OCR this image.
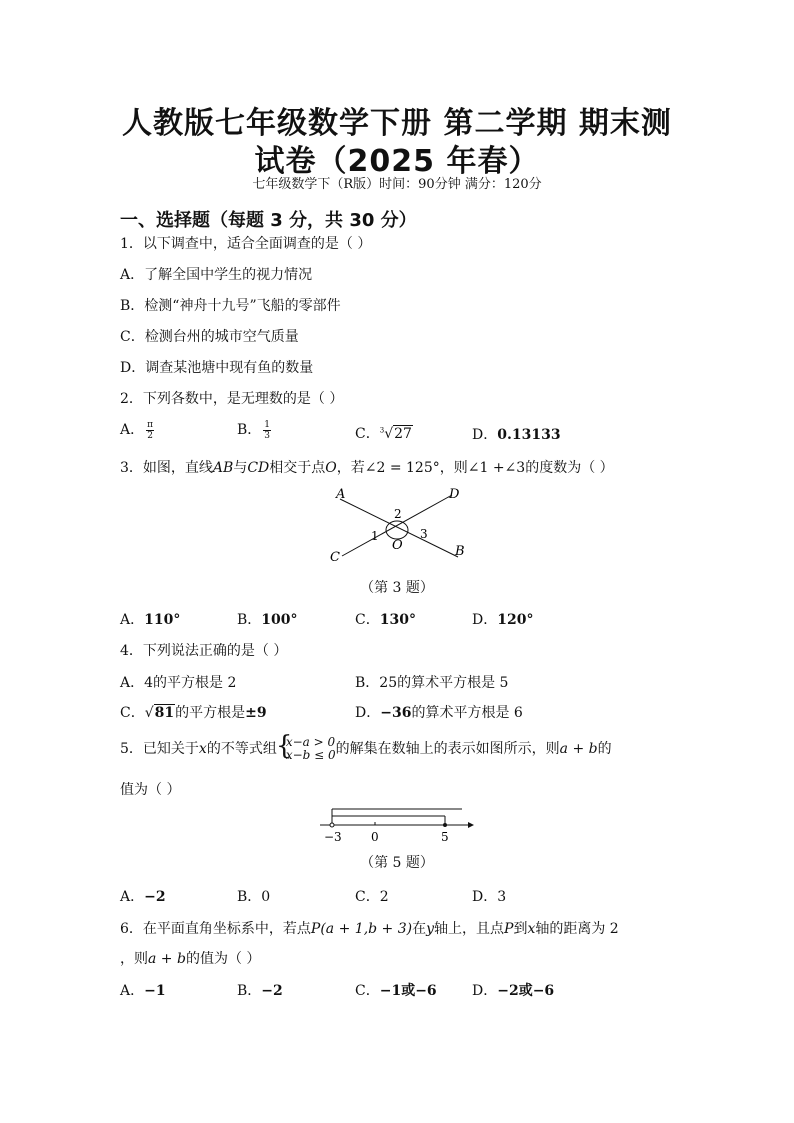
人教版七年级数学下册 第二学期 期末测
试卷（2025 年春）
七年级数学下（R版）时间：90分钟 满分：120分
一、选择题（每题 3 分，共 30 分）
1．以下调查中，适合全面调查的是（ ）
A．了解全国中学生的视力情况
B．检测“神舟十九号”飞船的零部件
C．检测台州的城市空气质量
D．调查某池塘中现有鱼的数量
2．下列各数中，是无理数的是（ ）
A． $\frac{\pi}{2}$	B． $\frac{1}{3}$	C．$^3$√27	D．0.13133
3．如图，直线AB与CD相交于点O，若∠2 = 125°，则∠1 +∠3的度数为（ ）
A	D
C	B
O
1
2
3
（第 3 题）
A．110°	B．100°	C．130°	D．120°
4．下列说法正确的是（ ）
A．4的平方根是 2	B．25的算术平方根是 5
C．√81的平方根是±9	D．−36的算术平方根是 6
5．已知关于x的不等式组
{ x−a > 0
x−b ≤ 0 的解集在数轴上的表示如图所示，则a + b的
值为（ ）
−3 0	5
（第 5 题）
A．−2	B．0	C．2	D．3
6．在平面直角坐标系中，若点P(a + 1,b + 3)在y轴上，且点P到x轴的距离为 2
，则a + b的值为（ ）
A．−1	B．−2	C．−1或−6	D．−2或−6
